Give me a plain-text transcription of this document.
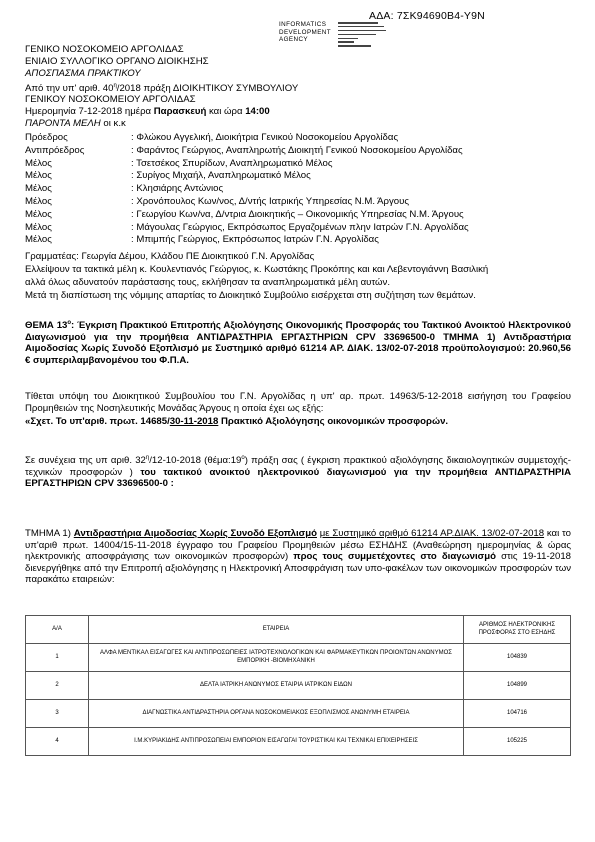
ΑΔΑ: 7ΣΚ94690Β4-Υ9Ν
INFORMATICS
DEVELOPMENT
AGENCY
ΓΕΝΙΚΟ ΝΟΣΟΚΟΜΕΙΟ ΑΡΓΟΛΙΔΑΣ
ΕΝΙΑΙΟ ΣΥΛΛΟΓΙΚΟ ΟΡΓΑΝΟ ΔΙΟΙΚΗΣΗΣ
ΑΠΟΣΠΑΣΜΑ ΠΡΑΚΤΙΚΟΥ
Από την υπ' αριθ. $40^\eta/2018$ πράξη ΔΙΟΙΚΗΤΙΚΟΥ ΣΥΜΒΟΥΛΙΟΥ
ΓΕΝΙΚΟΥ ΝΟΣΟΚΟΜΕΙΟΥ ΑΡΓΟΛΙΔΑΣ
Ημερομηνία 7-12-2018 ημέρα Παρασκευή και ώρα 14:00
ΠΑΡΟΝΤΑ ΜΕΛΗ οι κ.κ
Πρόεδρος	: Φλώκου Αγγελική, Διοικήτρια Γενικού Νοσοκομείου Αργολίδας
Αντιπρόεδρος	: Φαράντος Γεώργιος, Αναπληρωτής Διοικητή Γενικού Νοσοκομείου Αργολίδας
Μέλος	: Τσετσέκος Σπυρίδων, Αναπληρωματικό Μέλος
Μέλος	: Συρίγος Μιχαήλ, Αναπληρωματικό Μέλος
Μέλος	: Κλησιάρης Αντώνιος
Μέλος	: Χρονόπουλος Κων/νος, Δ/ντής Ιατρικής Υπηρεσίας Ν.Μ. Άργους
Μέλος	: Γεωργίου Κων/να, Δ/ντρια Διοικητικής – Οικονομικής Υπηρεσίας Ν.Μ. Άργους
Μέλος	: Μάγουλας Γεώργιος, Εκπρόσωπος Εργαζομένων πλην Ιατρών Γ.Ν. Αργολίδας
Μέλος	: Μπιμπής Γεώργιος, Εκπρόσωπος Ιατρών Γ.Ν. Αργολίδας
Γραμματέας: Γεωργία Δέμου, Κλάδου ΠΕ Διοικητικού Γ.Ν. Αργολίδας
Ελλείψουν τα τακτικά μέλη κ. Κουλεντιανός Γεώργιος, κ. Κωστάκης Προκόπης και και Λεβεντογιάννη Βασιλική
αλλά όλως αδυνατούν παράστασης τους, εκλήθησαν τα αναπληρωματικά μέλη αυτών.
Μετά τη διαπίστωση της νόμιμης απαρτίας το Διοικητικό Συμβούλιο εισέρχεται στη συζήτηση των θεμάτων.
ΘΕΜΑ $13^o$: Έγκριση Πρακτικού Επιτροπής Αξιολόγησης Οικονομικής Προσφοράς του Τακτικού Ανοικτού Ηλεκτρονικού Διαγωνισμού για την προμήθεια ΑΝΤΙΔΡΑΣΤΗΡΙΑ ΕΡΓΑΣΤΗΡΙΩΝ CPV 33696500-0 ΤΜΗΜΑ 1) Αντιδραστήρια Αιμοδοσίας Χωρίς Συνοδό Εξοπλισμό με Συστημικό αριθμό 61214 ΑΡ. ΔΙΑΚ. 13/02-07-2018 προϋπολογισμού: 20.960,56 € συμπεριλαμβανομένου του Φ.Π.Α.
Τίθεται υπόψη του Διοικητικού Συμβουλίου του Γ.Ν. Αργολίδας η υπ' αρ. πρωτ. 14963/5-12-2018 εισήγηση του Γραφείου Προμηθειών της Νοσηλευτικής Μονάδας Άργους η οποία έχει ως εξής:
«Σχετ. Το υπ'αριθ. πρωτ. 14685/30-11-2018 Πρακτικό Αξιολόγησης οικονομικών προσφορών.
Σε συνέχεια της υπ αριθ. $32^\eta/12-10-2018$ $(\theta έ\mu\alpha:19^o)$ πράξη σας ( έγκριση πρακτικού αξιολόγησης δικαιολογητικών συμμετοχής-τεχνικών προσφορών ) του τακτικού ανοικτού ηλεκτρονικού διαγωνισμού για την προμήθεια ΑΝΤΙΔΡΑΣΤΗΡΙΑ ΕΡΓΑΣΤΗΡΙΩΝ CPV 33696500-0 :
ΤΜΗΜΑ 1) Αντιδραστήρια Αιμοδοσίας Χωρίς Συνοδό Εξοπλισμό με Συστημικό αριθμό 61214 ΑΡ.ΔΙΑΚ. 13/02-07-2018 και το υπ'αριθ πρωτ. 14004/15-11-2018 έγγραφο του Γραφείου Προμηθειών μέσω ΕΣΗΔΗΣ (Αναθεώρηση ημερομηνίας & ώρας ηλεκτρονικής αποσφράγισης των οικονομικών προσφορών) προς τους συμμετέχοντες στο διαγωνισμό στις 19-11-2018 διενεργήθηκε από την Επιτροπή αξιολόγησης η Ηλεκτρονική Αποσφράγιση των υπο-φακέλων των οικονομικών προσφορών των παρακάτω εταιρειών:
Α/Α	ΕΤΑΙΡΕΙΑ	ΑΡΙΘΜΟΣ ΗΛΕΚΤΡΟΝΙΚΗΣ ΠΡΟΣΦΟΡΑΣ ΣΤΟ ΕΣΗΔΗΣ
1	ΑΛΦΑ ΜΕΝΤΙΚΑΛ ΕΙΣΑΓΩΓΕΣ ΚΑΙ ΑΝΤΙΠΡΟΣΩΠΕΙΕΣ ΙΑΤΡΟΤΕΧΝΟΛΟΓΙΚΩΝ ΚΑΙ ΦΑΡΜΑΚΕΥΤΙΚΩΝ ΠΡΟΙΟΝΤΩΝ ΑΝΩΝΥΜΟΣ ΕΜΠΟΡΙΚΗ -ΒΙΟΜΗΧΑΝΙΚΗ	104839
2	ΔΕΛΤΑ ΙΑΤΡΙΚΗ ΑΝΩΝΥΜΟΣ ΕΤΑΙΡΙΑ ΙΑΤΡΙΚΩΝ ΕΙΔΩΝ	104899
3	ΔΙΑΓΝΩΣΤΙΚΑ ΑΝΤΙΔΡΑΣΤΗΡΙΑ ΟΡΓΑΝΑ ΝΟΣΟΚΟΜΕΙΑΚΟΣ ΕΞΟΠΛΙΣΜΟΣ ΑΝΩΝΥΜΗ ΕΤΑΙΡΕΙΑ	104716
4	Ι.Μ.ΚΥΡΙΑΚΙΔΗΣ ΑΝΤΙΠΡΟΣΩΠΕΙΑΙ ΕΜΠΟΡΙΟΝ ΕΙΣΑΓΩΓΑΙ ΤΟΥΡΙΣΤΙΚΑΙ ΚΑΙ ΤΕΧΝΙΚΑΙ ΕΠΙΧΕΙΡΗΣΕΙΣ	105225
